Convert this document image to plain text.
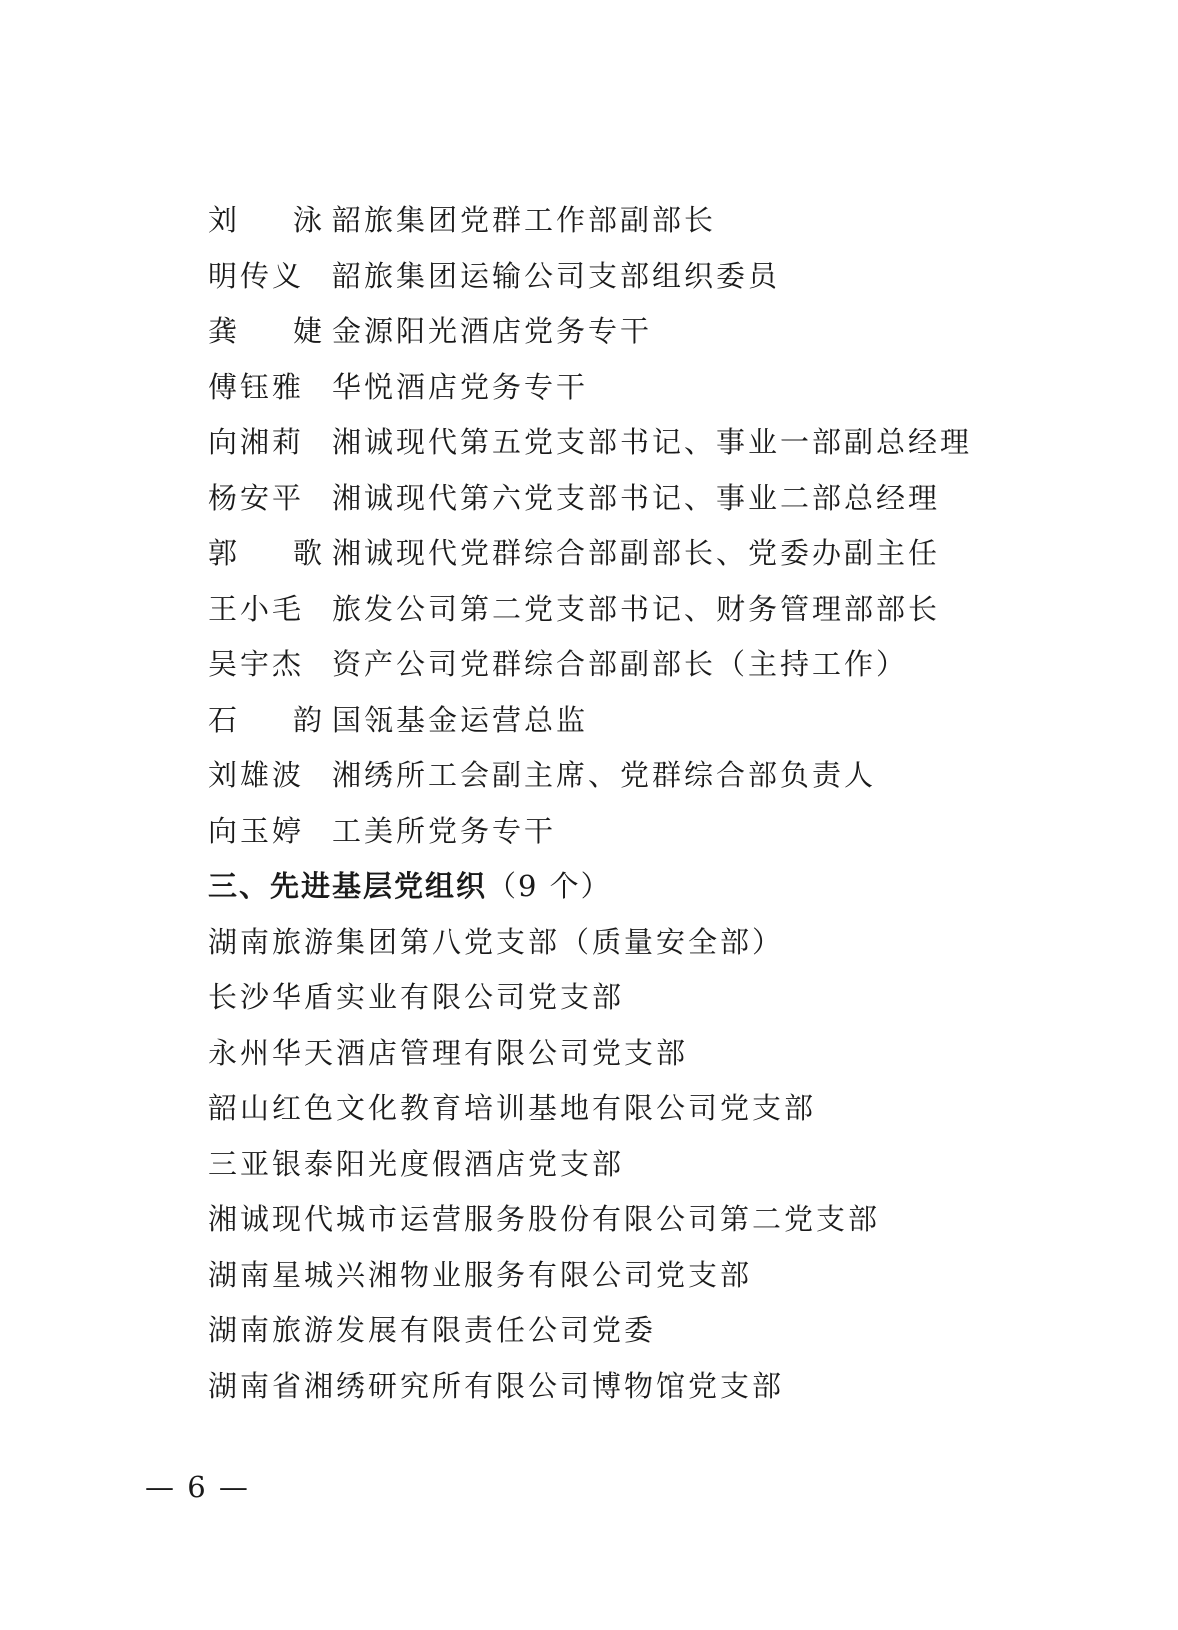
刘 泳 韶旅集团党群工作部副部长
明传义 韶旅集团运输公司支部组织委员
龚 婕 金源阳光酒店党务专干
傅钰雅 华悦酒店党务专干
向湘莉 湘诚现代第五党支部书记、事业一部副总经理
杨安平 湘诚现代第六党支部书记、事业二部总经理
郭 歌 湘诚现代党群综合部副部长、党委办副主任
王小毛 旅发公司第二党支部书记、财务管理部部长
吴宇杰 资产公司党群综合部副部长（主持工作）
石 韵 国瓴基金运营总监
刘雄波 湘绣所工会副主席、党群综合部负责人
向玉婷 工美所党务专干
三、先进基层党组织（9 个）
湖南旅游集团第八党支部（质量安全部）
长沙华盾实业有限公司党支部
永州华天酒店管理有限公司党支部
韶山红色文化教育培训基地有限公司党支部
三亚银泰阳光度假酒店党支部
湘诚现代城市运营服务股份有限公司第二党支部
湖南星城兴湘物业服务有限公司党支部
湖南旅游发展有限责任公司党委
湖南省湘绣研究所有限公司博物馆党支部
— 6 —
